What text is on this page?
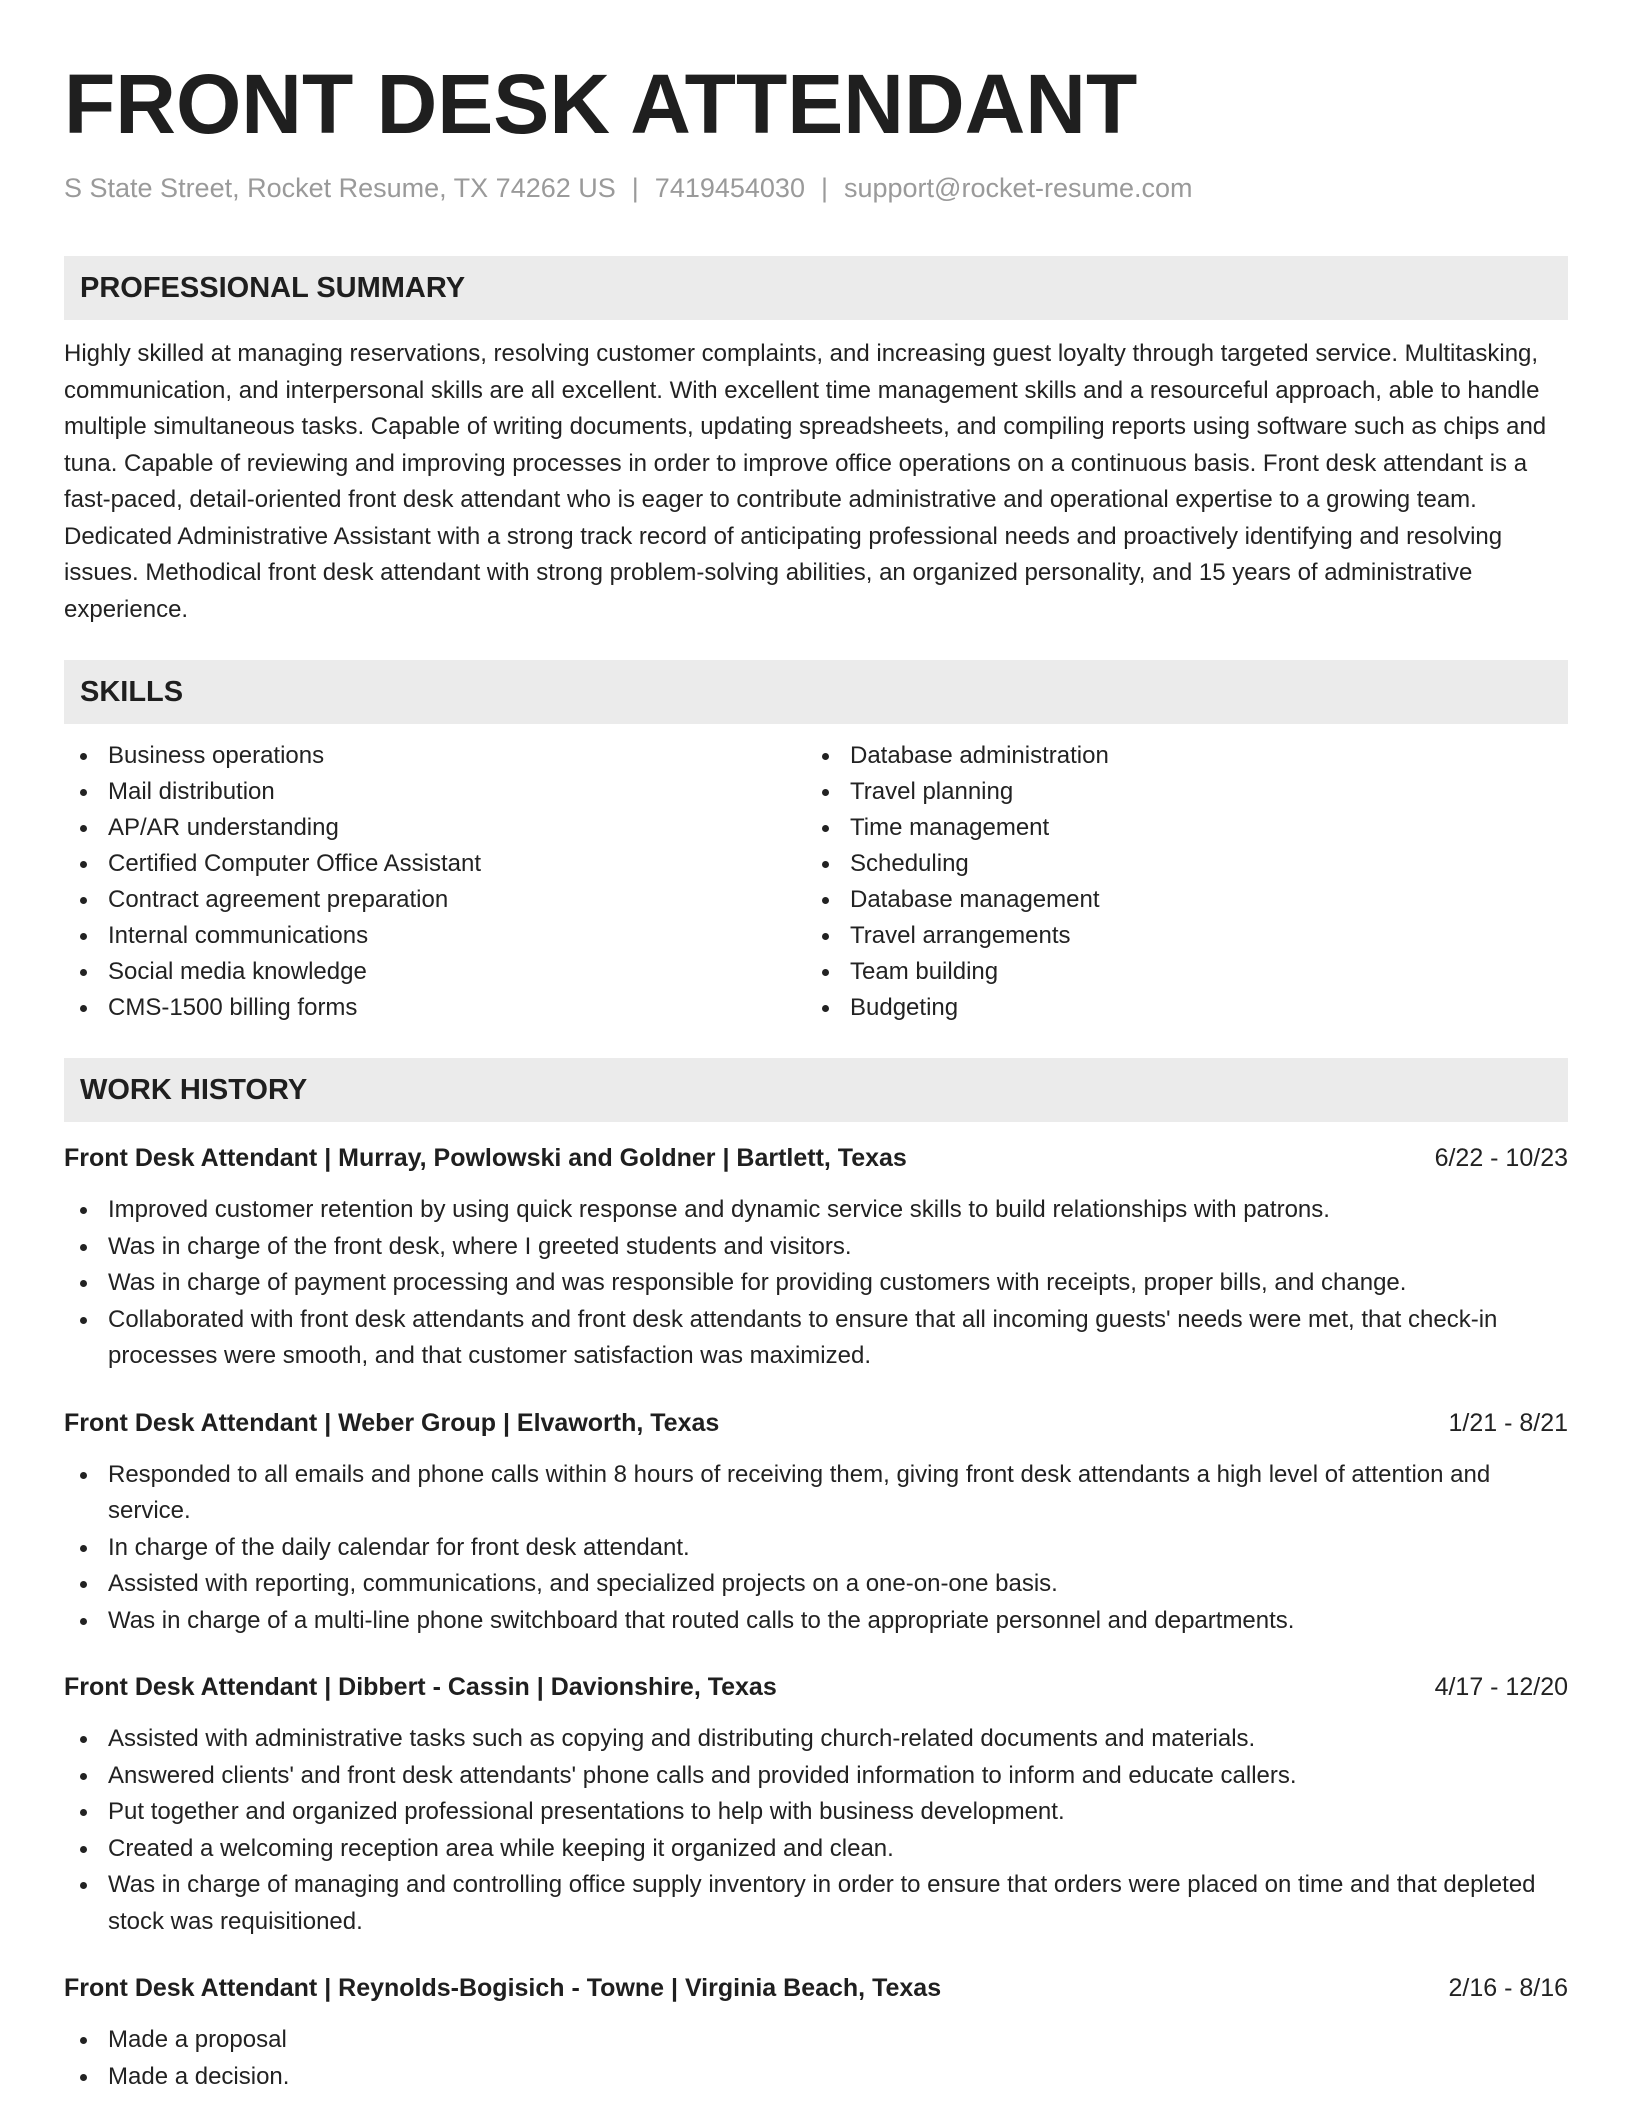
FRONT DESK ATTENDANT
S State Street, Rocket Resume, TX 74262 US | 7419454030 | support@rocket-resume.com
PROFESSIONAL SUMMARY

Highly skilled at managing reservations, resolving customer complaints, and increasing guest loyalty through targeted service. Multitasking, communication, and interpersonal skills are all excellent. With excellent time management skills and a resourceful approach, able to handle multiple simultaneous tasks. Capable of writing documents, updating spreadsheets, and compiling reports using software such as chips and tuna. Capable of reviewing and improving processes in order to improve office operations on a continuous basis. Front desk attendant is a fast-paced, detail-oriented front desk attendant who is eager to contribute administrative and operational expertise to a growing team. Dedicated Administrative Assistant with a strong track record of anticipating professional needs and proactively identifying and resolving issues. Methodical front desk attendant with strong problem-solving abilities, an organized personality, and 15 years of administrative experience.

SKILLS
Business operations
Mail distribution
AP/AR understanding
Certified Computer Office Assistant
Contract agreement preparation
Internal communications
Social media knowledge
CMS-1500 billing forms
Database administration
Travel planning
Time management
Scheduling
Database management
Travel arrangements
Team building
Budgeting
WORK HISTORY
Front Desk Attendant | Murray, Powlowski and Goldner | Bartlett, Texas	6/22 - 10/23
Improved customer retention by using quick response and dynamic service skills to build relationships with patrons.
Was in charge of the front desk, where I greeted students and visitors.
Was in charge of payment processing and was responsible for providing customers with receipts, proper bills, and change.
Collaborated with front desk attendants and front desk attendants to ensure that all incoming guests' needs were met, that check-in processes were smooth, and that customer satisfaction was maximized.
Front Desk Attendant | Weber Group | Elvaworth, Texas	1/21 - 8/21
Responded to all emails and phone calls within 8 hours of receiving them, giving front desk attendants a high level of attention and service.
In charge of the daily calendar for front desk attendant.
Assisted with reporting, communications, and specialized projects on a one-on-one basis.
Was in charge of a multi-line phone switchboard that routed calls to the appropriate personnel and departments.
Front Desk Attendant | Dibbert - Cassin | Davionshire, Texas	4/17 - 12/20
Assisted with administrative tasks such as copying and distributing church-related documents and materials.
Answered clients' and front desk attendants' phone calls and provided information to inform and educate callers.
Put together and organized professional presentations to help with business development.
Created a welcoming reception area while keeping it organized and clean.
Was in charge of managing and controlling office supply inventory in order to ensure that orders were placed on time and that depleted stock was requisitioned.
Front Desk Attendant | Reynolds-Bogisich - Towne | Virginia Beach, Texas	2/16 - 8/16
Made a proposal
Made a decision.
